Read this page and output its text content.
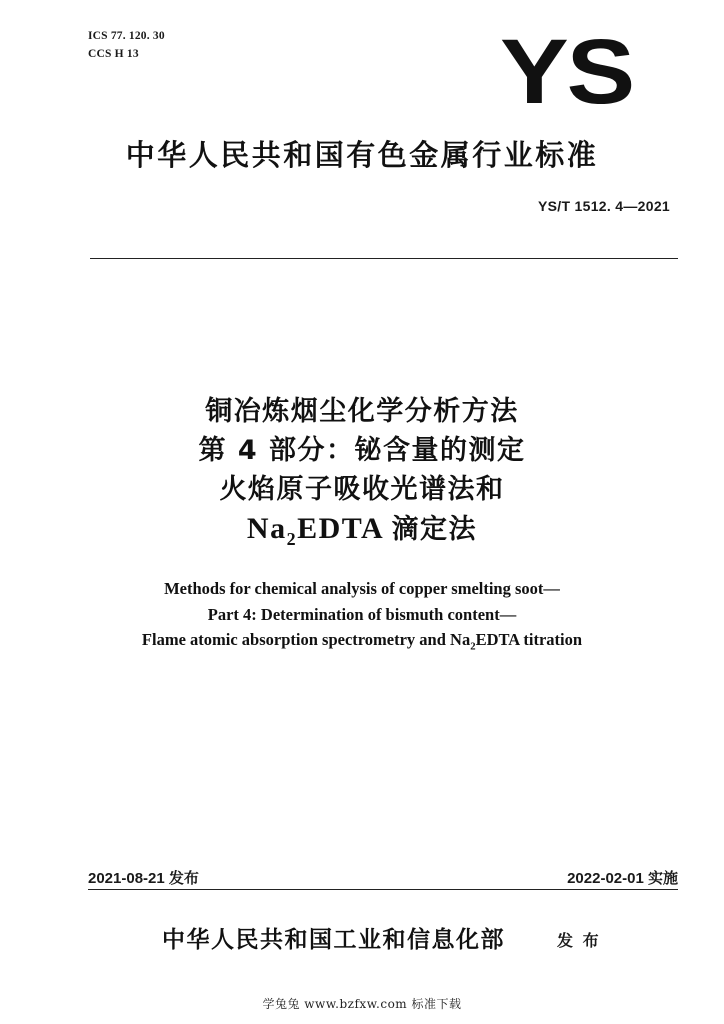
ICS 77. 120. 30
CCS H 13	YS
中华人民共和国有色金属行业标准
YS/T 1512. 4—2021
铜冶炼烟尘化学分析方法
第 4 部分：铋含量的测定
火焰原子吸收光谱法和
$Na_2EDTA$ 滴定法
Methods for chemical analysis of copper smelting soot—
Part 4: Determination of bismuth content—
Flame atomic absorption spectrometry and $Na_2EDTA$ titration
2021-08-21 发布	2022-02-01 实施
中华人民共和国工业和信息化部	发 布
学兔兔 www.bzfxw.com 标准下载
